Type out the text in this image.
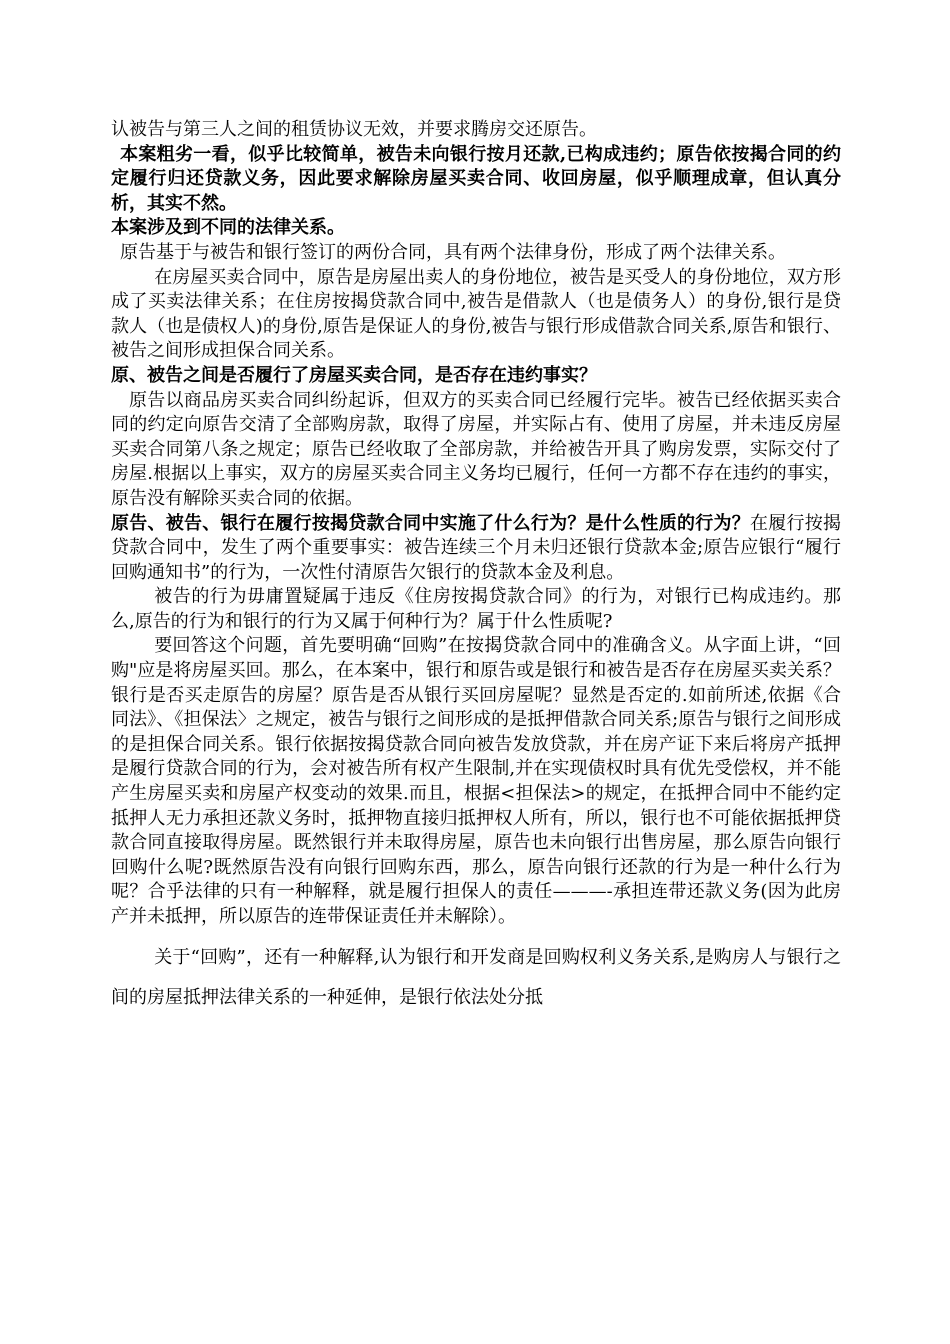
认被告与第三人之间的租赁协议无效，并要求腾房交还原告。

本案粗劣一看，似乎比较简单，被告未向银行按月还款,已构成违约；原告依按揭合同的约定履行归还贷款义务，因此要求解除房屋买卖合同、收回房屋，似乎顺理成章，但认真分析，其实不然。

本案涉及到不同的法律关系。

原告基于与被告和银行签订的两份合同，具有两个法律身份，形成了两个法律关系。

在房屋买卖合同中，原告是房屋出卖人的身份地位，被告是买受人的身份地位，双方形成了买卖法律关系；在住房按揭贷款合同中,被告是借款人（也是债务人）的身份,银行是贷款人（也是债权人)的身份,原告是保证人的身份,被告与银行形成借款合同关系,原告和银行、被告之间形成担保合同关系。

原、被告之间是否履行了房屋买卖合同，是否存在违约事实？

原告以商品房买卖合同纠纷起诉，但双方的买卖合同已经履行完毕。被告已经依据买卖合同的约定向原告交清了全部购房款，取得了房屋，并实际占有、使用了房屋，并未违反房屋买卖合同第八条之规定；原告已经收取了全部房款，并给被告开具了购房发票，实际交付了房屋.根据以上事实，双方的房屋买卖合同主义务均已履行，任何一方都不存在违约的事实，原告没有解除买卖合同的依据。

原告、被告、银行在履行按揭贷款合同中实施了什么行为？是什么性质的行为？在履行按揭贷款合同中，发生了两个重要事实：被告连续三个月未归还银行贷款本金;原告应银行“履行回购通知书”的行为，一次性付清原告欠银行的贷款本金及利息。

被告的行为毋庸置疑属于违反《住房按揭贷款合同》的行为，对银行已构成违约。那么,原告的行为和银行的行为又属于何种行为？属于什么性质呢?

要回答这个问题，首先要明确“回购”在按揭贷款合同中的准确含义。从字面上讲，“回购"应是将房屋买回。那么，在本案中，银行和原告或是银行和被告是否存在房屋买卖关系？银行是否买走原告的房屋？原告是否从银行买回房屋呢？显然是否定的.如前所述,依据《合同法》、《担保法〉之规定，被告与银行之间形成的是抵押借款合同关系;原告与银行之间形成的是担保合同关系。银行依据按揭贷款合同向被告发放贷款，并在房产证下来后将房产抵押是履行贷款合同的行为，会对被告所有权产生限制,并在实现债权时具有优先受偿权，并不能产生房屋买卖和房屋产权变动的效果.而且，根据<担保法>的规定，在抵押合同中不能约定抵押人无力承担还款义务时，抵押物直接归抵押权人所有，所以，银行也不可能依据抵押贷款合同直接取得房屋。既然银行并未取得房屋，原告也未向银行出售房屋，那么原告向银行回购什么呢?既然原告没有向银行回购东西，那么，原告向银行还款的行为是一种什么行为呢？合乎法律的只有一种解释，就是履行担保人的责任———-承担连带还款义务(因为此房产并未抵押，所以原告的连带保证责任并未解除）。

关于“回购”，还有一种解释,认为银行和开发商是回购权利义务关系,是购房人与银行之间的房屋抵押法律关系的一种延伸，是银行依法处分抵
